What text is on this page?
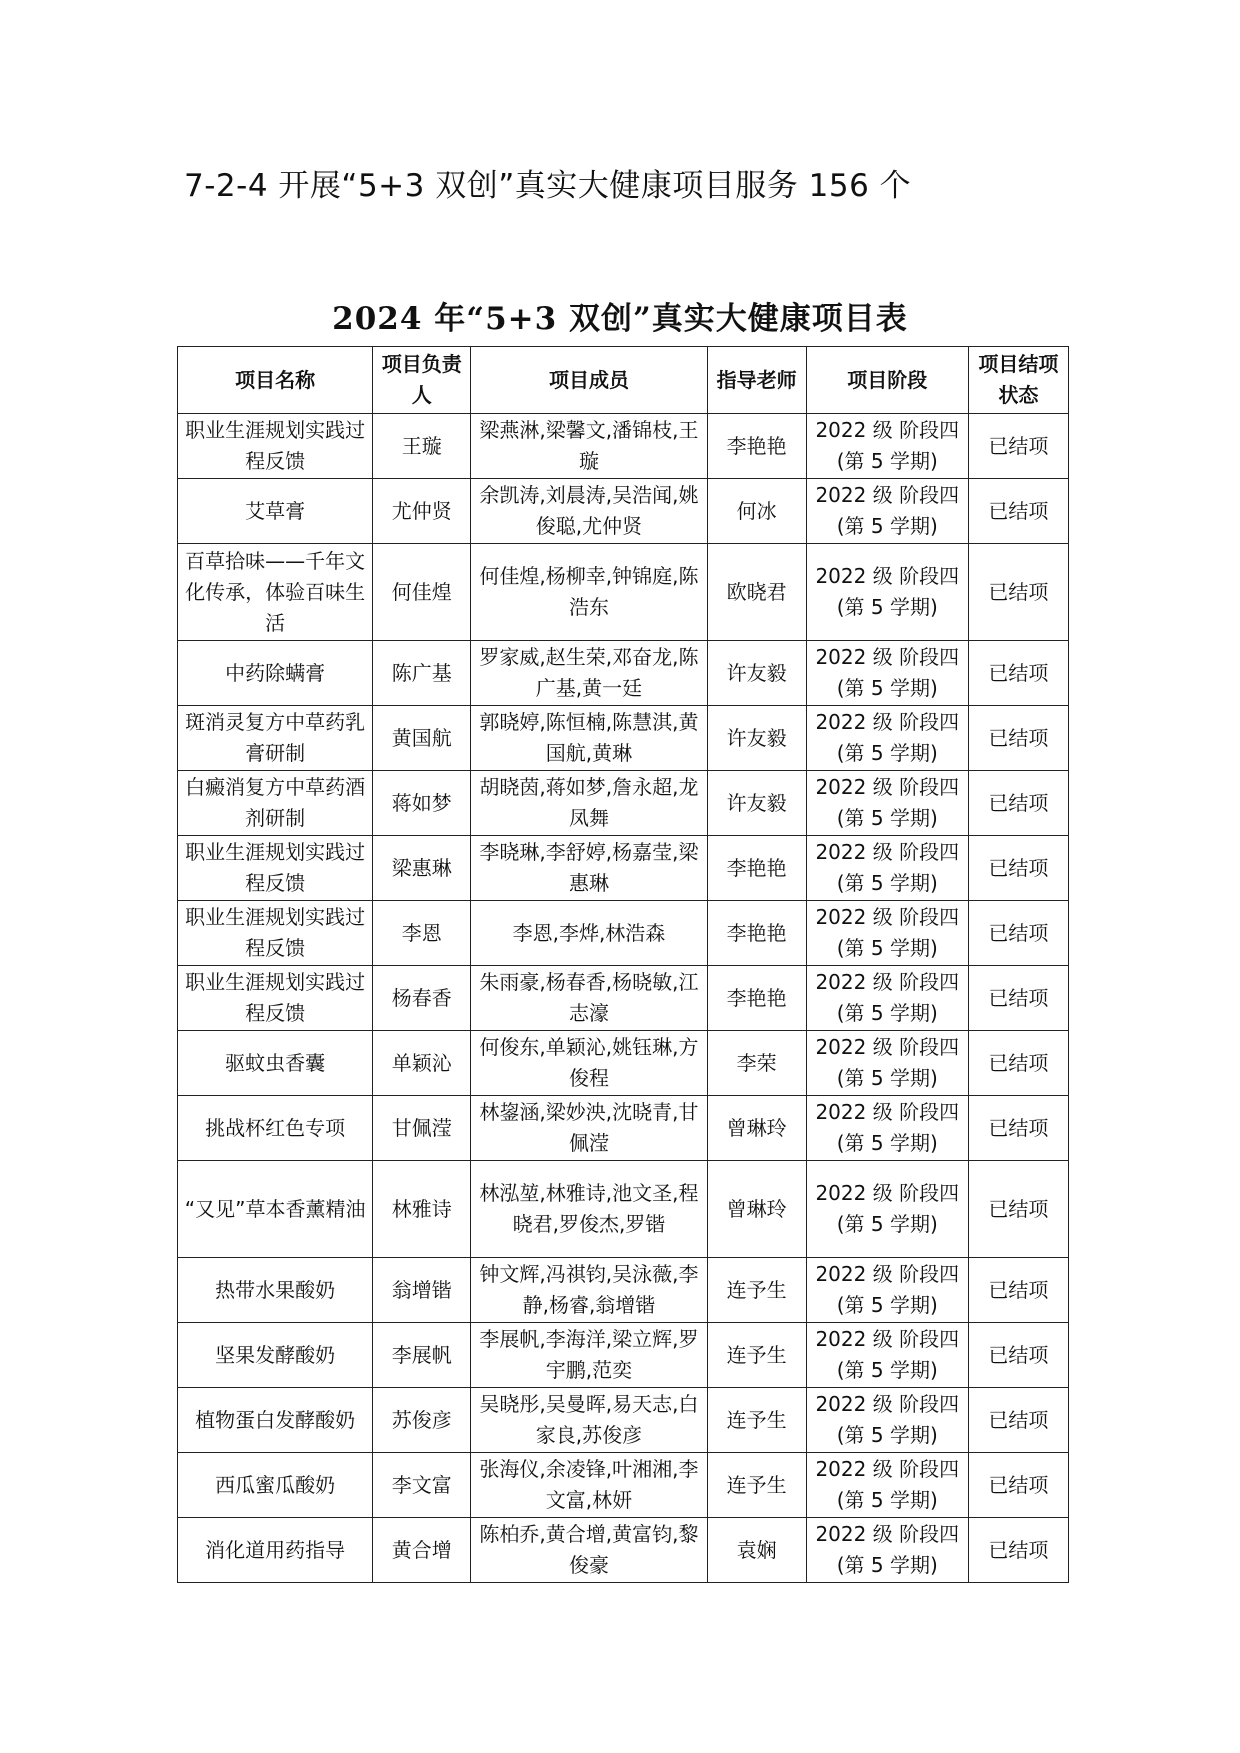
7-2-4 开展“5+3 双创”真实大健康项目服务 156 个
2024 年“5+3 双创”真实大健康项目表
项目名称	项目负责人	项目成员	指导老师	项目阶段	项目结项状态
职业生涯规划实践过程反馈	王璇	梁燕淋,梁馨文,潘锦枝,王璇	李艳艳	2022 级 阶段四(第 5 学期)	已结项
艾草膏	尤仲贤	余凯涛,刘晨涛,吴浩闻,姚俊聪,尤仲贤	何冰	2022 级 阶段四(第 5 学期)	已结项
百草拾味——千年文化传承，体验百味生活	何佳煌	何佳煌,杨柳幸,钟锦庭,陈浩东	欧晓君	2022 级 阶段四(第 5 学期)	已结项
中药除螨膏	陈广基	罗家威,赵生荣,邓奋龙,陈广基,黄一廷	许友毅	2022 级 阶段四(第 5 学期)	已结项
斑消灵复方中草药乳膏研制	黄国航	郭晓婷,陈恒楠,陈慧淇,黄国航,黄琳	许友毅	2022 级 阶段四(第 5 学期)	已结项
白癜消复方中草药酒剂研制	蒋如梦	胡晓茵,蒋如梦,詹永超,龙凤舞	许友毅	2022 级 阶段四(第 5 学期)	已结项
职业生涯规划实践过程反馈	梁惠琳	李晓琳,李舒婷,杨嘉莹,梁惠琳	李艳艳	2022 级 阶段四(第 5 学期)	已结项
职业生涯规划实践过程反馈	李恩	李恩,李烨,林浩森	李艳艳	2022 级 阶段四(第 5 学期)	已结项
职业生涯规划实践过程反馈	杨春香	朱雨豪,杨春香,杨晓敏,江志濠	李艳艳	2022 级 阶段四(第 5 学期)	已结项
驱蚊虫香囊	单颖沁	何俊东,单颖沁,姚钰琳,方俊程	李荣	2022 级 阶段四(第 5 学期)	已结项
挑战杯红色专项	甘佩滢	林鋆涵,梁妙泱,沈晓青,甘佩滢	曾琳玲	2022 级 阶段四(第 5 学期)	已结项
“又见”草本香薰精油	林雅诗	林泓堃,林雅诗,池文圣,程晓君,罗俊杰,罗锴	曾琳玲	2022 级 阶段四(第 5 学期)	已结项
热带水果酸奶	翁增锴	钟文辉,冯祺钧,吴泳薇,李静,杨睿,翁增锴	连予生	2022 级 阶段四(第 5 学期)	已结项
坚果发酵酸奶	李展帆	李展帆,李海洋,梁立辉,罗宇鹏,范奕	连予生	2022 级 阶段四(第 5 学期)	已结项
植物蛋白发酵酸奶	苏俊彦	吴晓彤,吴曼晖,易天志,白家良,苏俊彦	连予生	2022 级 阶段四(第 5 学期)	已结项
西瓜蜜瓜酸奶	李文富	张海仪,余凌锋,叶湘湘,李文富,林妍	连予生	2022 级 阶段四(第 5 学期)	已结项
消化道用药指导	黄合增	陈柏乔,黄合增,黄富钧,黎俊豪	袁娴	2022 级 阶段四(第 5 学期)	已结项
